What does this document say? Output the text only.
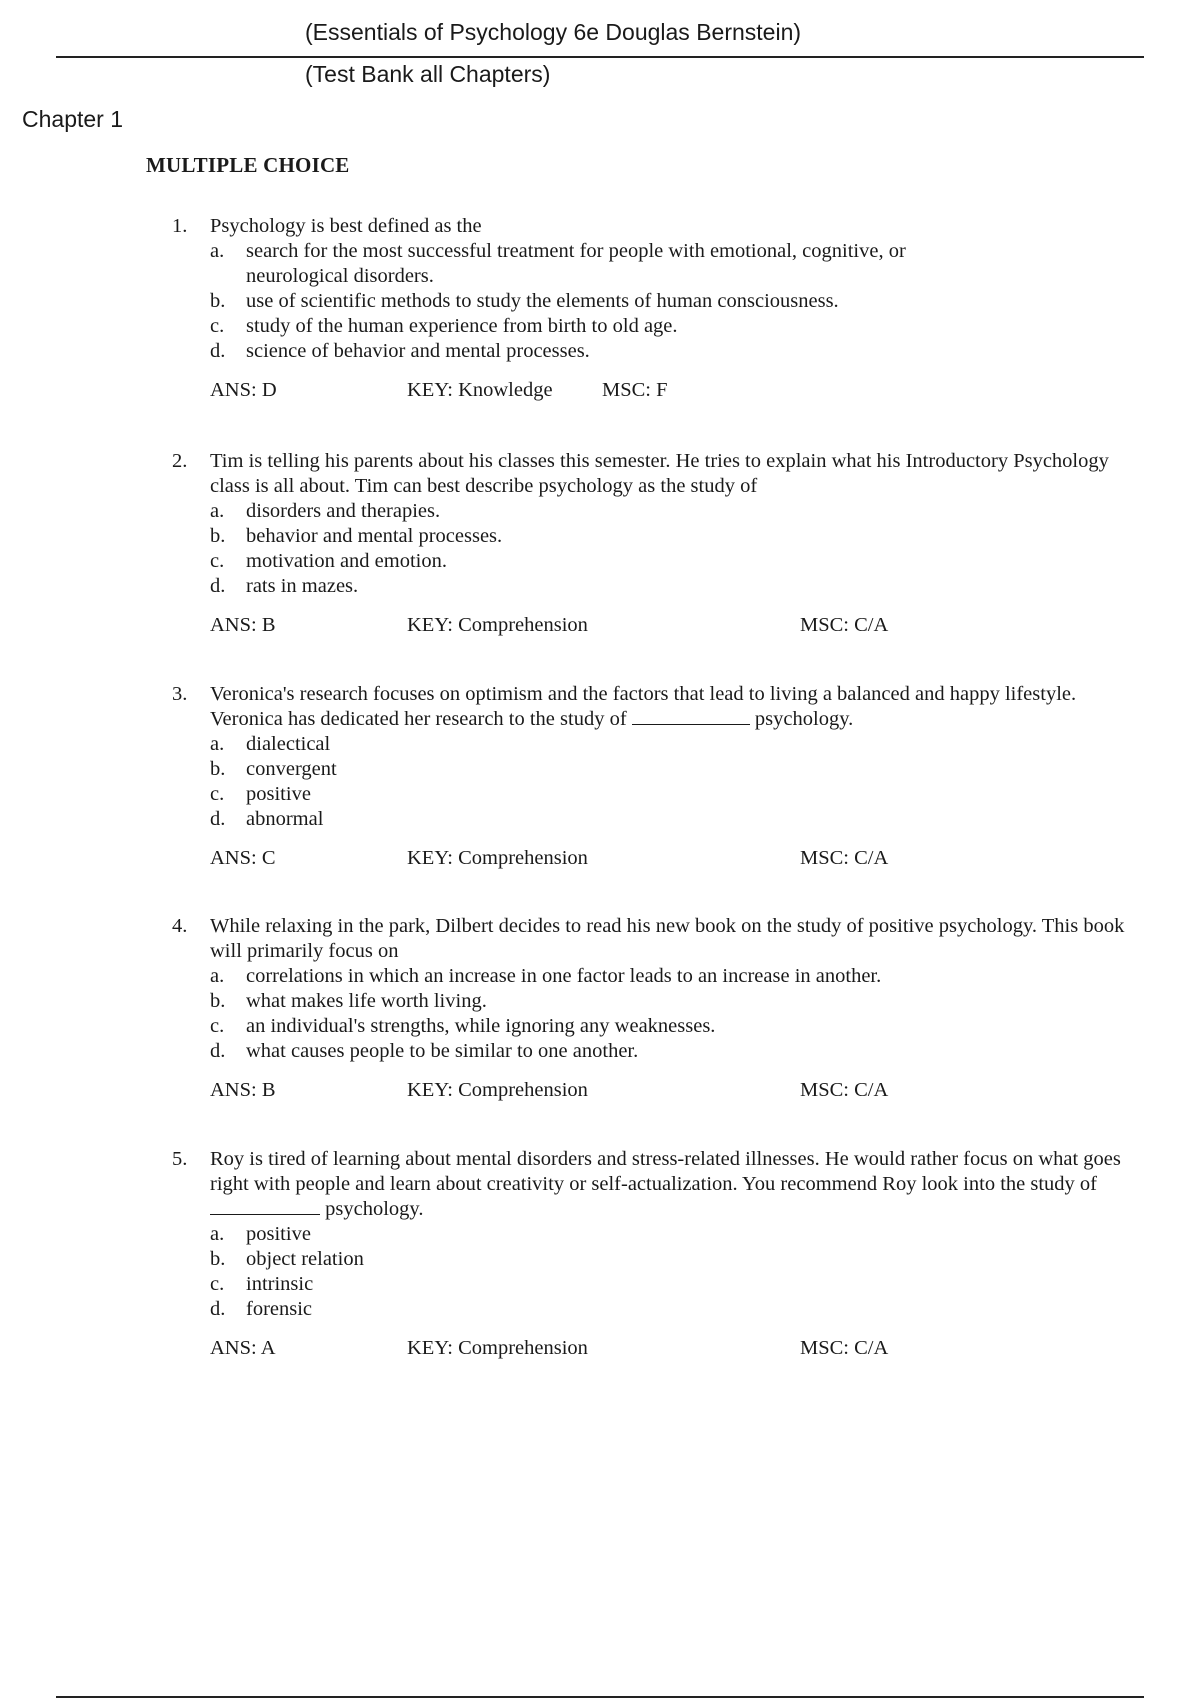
(Essentials of Psychology 6e Douglas Bernstein)
(Test Bank all Chapters)
Chapter 1
MULTIPLE CHOICE
1. Psychology is best defined as the
a. search for the most successful treatment for people with emotional, cognitive, or neurological disorders.
b. use of scientific methods to study the elements of human consciousness.
c. study of the human experience from birth to old age.
d. science of behavior and mental processes.
ANS: D	KEY: Knowledge MSC: F
2. Tim is telling his parents about his classes this semester. He tries to explain what his Introductory Psychology class is all about. Tim can best describe psychology as the study of
a. disorders and therapies.
b. behavior and mental processes.
c. motivation and emotion.
d. rats in mazes.
ANS: B	KEY: Comprehension	MSC: C/A
3. Veronica's research focuses on optimism and the factors that lead to living a balanced and happy lifestyle. Veronica has dedicated her research to the study of	psychology.
a. dialectical
b. convergent
c. positive
d. abnormal
ANS: C	KEY: Comprehension	MSC: C/A
4. While relaxing in the park, Dilbert decides to read his new book on the study of positive psychology. This book will primarily focus on
a. correlations in which an increase in one factor leads to an increase in another.
b. what makes life worth living.
c. an individual's strengths, while ignoring any weaknesses.
d. what causes people to be similar to one another.
ANS: B	KEY: Comprehension	MSC: C/A
5. Roy is tired of learning about mental disorders and stress-related illnesses. He would rather focus on what goes right with people and learn about creativity or self-actualization. You recommend Roy look into the study of  psychology.
a. positive
b. object relation
c. intrinsic
d. forensic
ANS: A	KEY: Comprehension	MSC: C/A
